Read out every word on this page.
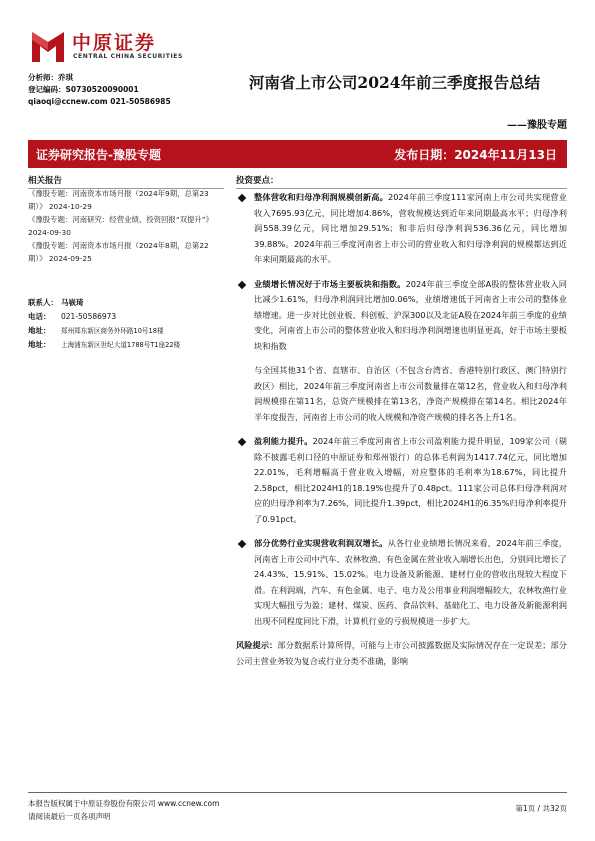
中原证券
CENTRAL CHINA SECURITIES
分析师：乔琪
登记编码：S0730520090001
qiaoqi@ccnew.com 021-50586985
河南省上市公司2024年前三季度报告总结
——豫股专题
证券研究报告-豫股专题	发布日期：2024年11月13日
相关报告

《豫股专题：河南资本市场月报（2024年9期，总第23期）》 2024-10-29

《豫股专题：河南研究：经营业绩、投资回报“双提升”》 2024-09-30

《豫股专题：河南资本市场月报（2024年8期，总第22期）》 2024-09-25

联系人： 马嵚琦
电话： 021-50586973
地址： 郑州郑东新区商务外环路10号18楼
地址： 上海浦东新区世纪大道1788号T1座22楼
投资要点：
整体营收和归母净利润规模创新高。2024年前三季度111家河南上市公司共实现营业收入7695.93亿元，同比增加4.86%，营收规模达到近年来同期最高水平；归母净利润558.39亿元，同比增加29.51%；和非后归母净利润536.36亿元，同比增加39.88%。2024年前三季度河南省上市公司的营业收入和归母净利润的规模都达到近年来同期最高的水平。
业绩增长情况好于市场主要板块和指数。2024年前三季度全部A股的整体营业收入同比减少1.61%，归母净利润同比增加0.06%，业绩增速低于河南省上市公司的整体业绩增速。进一步对比创业板、科创板、沪深300以及北证A股在2024年前三季度的业绩变化，河南省上市公司的整体营业收入和归母净利润增速也明显更高，好于市场主要板块和指数
与全国其他31个省、直辖市、自治区（不包含台湾省、香港特别行政区、澳门特别行政区）相比，2024年前三季度河南省上市公司数量排在第12名，营业收入和归母净利润规模排在第11名，总资产规模排在第13名，净资产规模排在第14名。相比2024年半年度报告，河南省上市公司的收入规模和净资产规模的排名各上升1名。
盈利能力提升。2024年前三季度河南省上市公司盈利能力提升明显，109家公司（剔除不披露毛利口径的中原证券和郑州银行）的总体毛利润为1417.74亿元，同比增加22.01%，毛利增幅高于营业收入增幅，对应整体的毛利率为18.67%，同比提升2.58pct，相比2024H1的18.19%也提升了0.48pct。111家公司总体归母净利润对应的归母净利率为7.26%，同比提升1.39pct，相比2024H1的6.35%归母净利率提升了0.91pct。
部分优势行业实现营收利润双增长。从各行业业绩增长情况来看，2024年前三季度，河南省上市公司中汽车、农林牧渔、有色金属在营业收入端增长出色，分别同比增长了24.43%、15.91%、15.02%。电力设备及新能源、建材行业的营收出现较大程度下滑。在利润端，汽车、有色金属、电子、电力及公用事业利润增幅较大，农林牧渔行业实现大幅扭亏为盈；建材、煤炭、医药、食品饮料、基础化工、电力设备及新能源利润出现不同程度同比下滑，计算机行业的亏损规模进一步扩大。

风险提示：部分数据系计算所得，可能与上市公司披露数据及实际情况存在一定误差；部分公司主营业务较为复合或行业分类不准确，影响

本报告版权属于中原证券股份有限公司 www.ccnew.com
请阅读最后一页各项声明
第1页 / 共32页
